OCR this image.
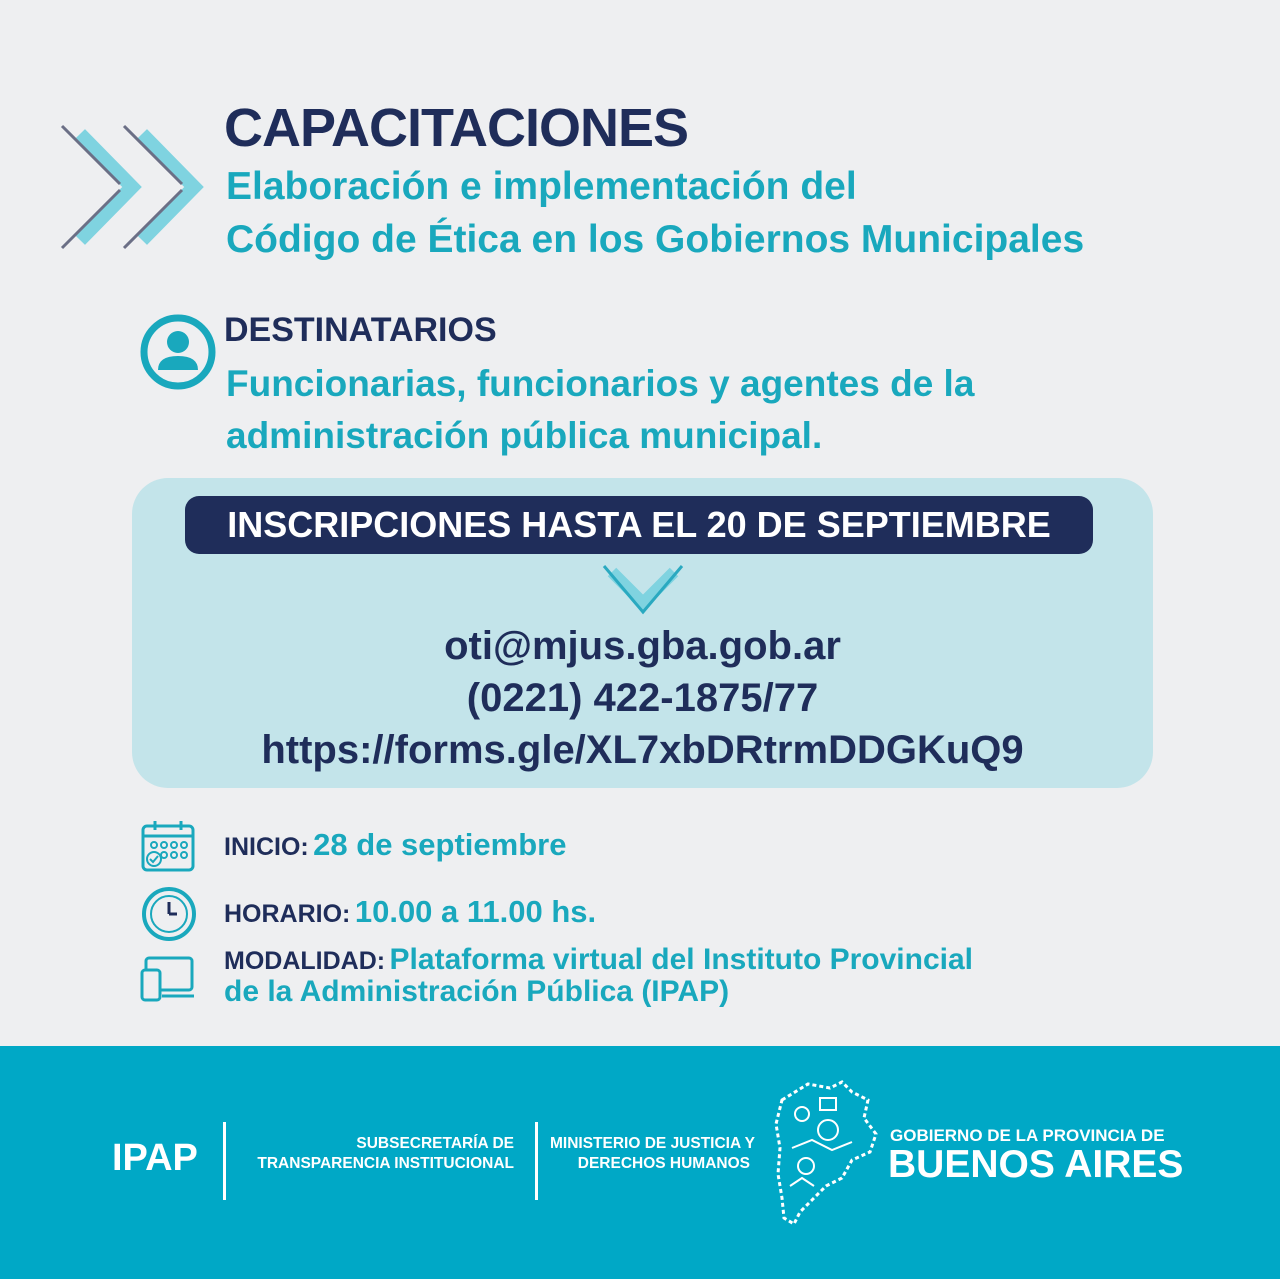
CAPACITACIONES
Elaboración e implementación del
Código de Ética en los Gobiernos Municipales
DESTINATARIOS
Funcionarias, funcionarios y agentes de la
administración pública municipal.
INSCRIPCIONES HASTA EL 20 DE SEPTIEMBRE
oti@mjus.gba.gob.ar
(0221) 422-1875/77
https://forms.gle/XL7xbDRtrmDDGKuQ9
INICIO: 28 de septiembre
HORARIO: 10.00 a 11.00 hs.
MODALIDAD: Plataforma virtual del Instituto Provincial
de la Administración Pública (IPAP)
IPAP	SUBSECRETARÍA DE
TRANSPARENCIA INSTITUCIONAL
MINISTERIO DE JUSTICIA Y
DERECHOS HUMANOS
GOBIERNO DE LA PROVINCIA DE
BUENOS AIRES
